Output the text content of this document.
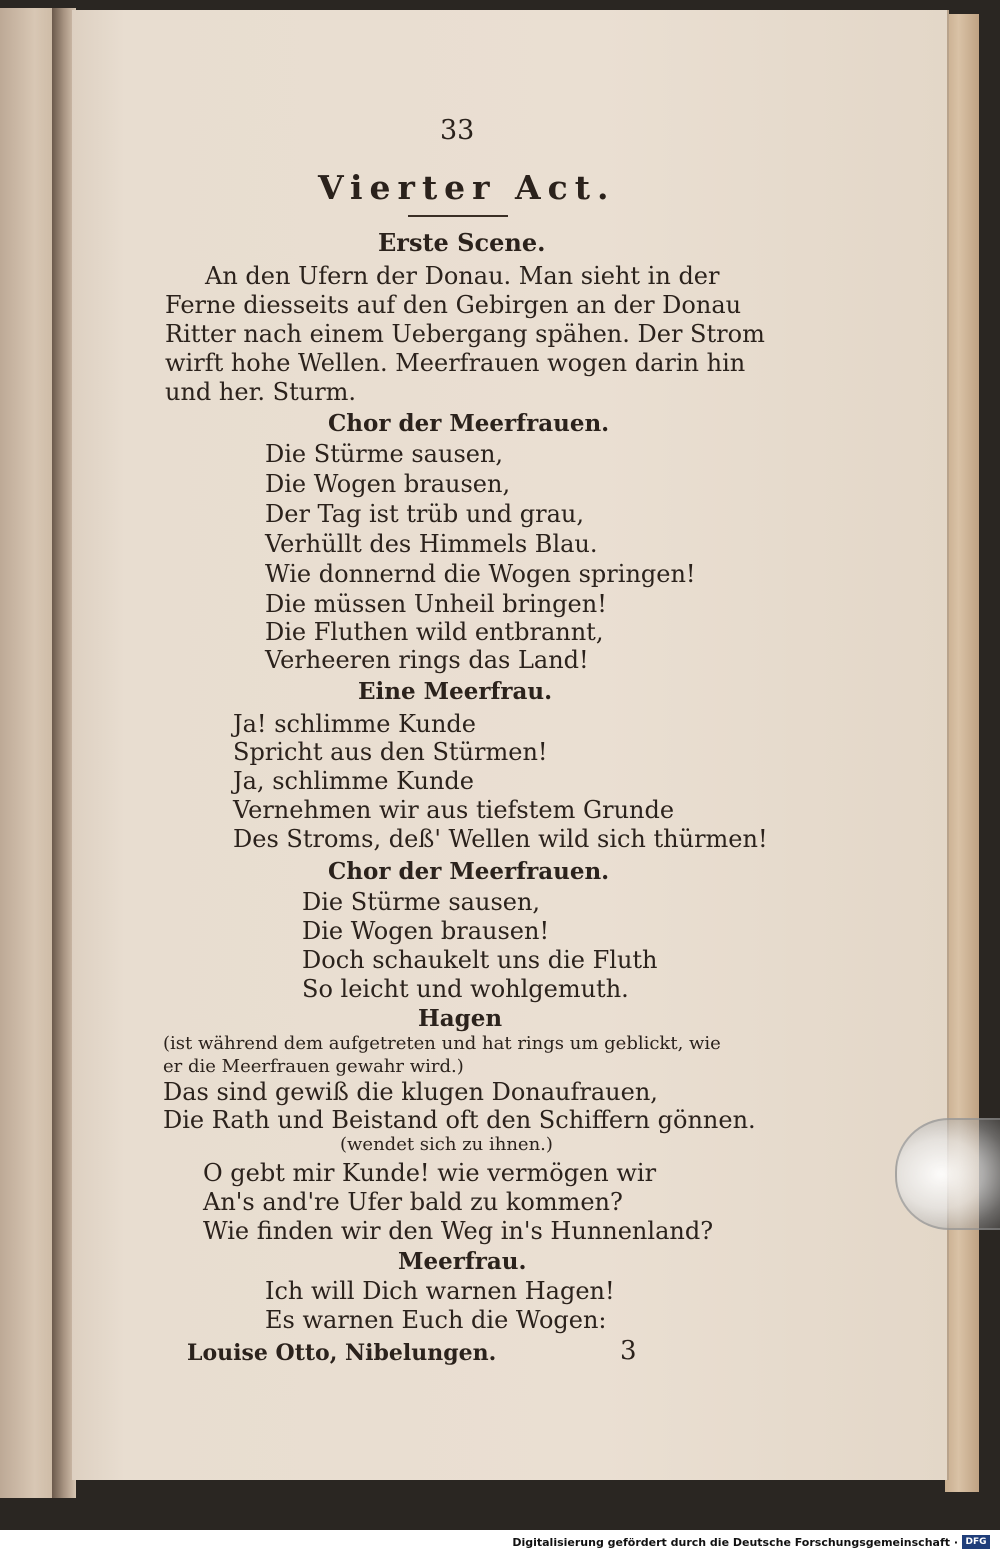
33
Vierter Act.
Erste Scene.
An den Ufern der Donau. Man sieht in der
Ferne diesseits auf den Gebirgen an der Donau
Ritter nach einem Uebergang spähen. Der Strom
wirft hohe Wellen. Meerfrauen wogen darin hin
und her. Sturm.
Chor der Meerfrauen.
Die Stürme sausen,
Die Wogen brausen,
Der Tag ist trüb und grau,
Verhüllt des Himmels Blau.
Wie donnernd die Wogen springen!
Die müssen Unheil bringen!
Die Fluthen wild entbrannt,
Verheeren rings das Land!
Eine Meerfrau.
Ja! schlimme Kunde
Spricht aus den Stürmen!
Ja, schlimme Kunde
Vernehmen wir aus tiefstem Grunde
Des Stroms, deß' Wellen wild sich thürmen!
Chor der Meerfrauen.
Die Stürme sausen,
Die Wogen brausen!
Doch schaukelt uns die Fluth
So leicht und wohlgemuth.
Hagen
(ist während dem aufgetreten und hat rings um geblickt, wie
er die Meerfrauen gewahr wird.)
Das sind gewiß die klugen Donaufrauen,
Die Rath und Beistand oft den Schiffern gönnen.
(wendet sich zu ihnen.)
O gebt mir Kunde! wie vermögen wir
An's and're Ufer bald zu kommen?
Wie finden wir den Weg in's Hunnenland?
Meerfrau.
Ich will Dich warnen Hagen!
Es warnen Euch die Wogen:
Louise Otto, Nibelungen.	3
Digitalisierung gefördert durch die Deutsche Forschungsgemeinschaft · DFG
